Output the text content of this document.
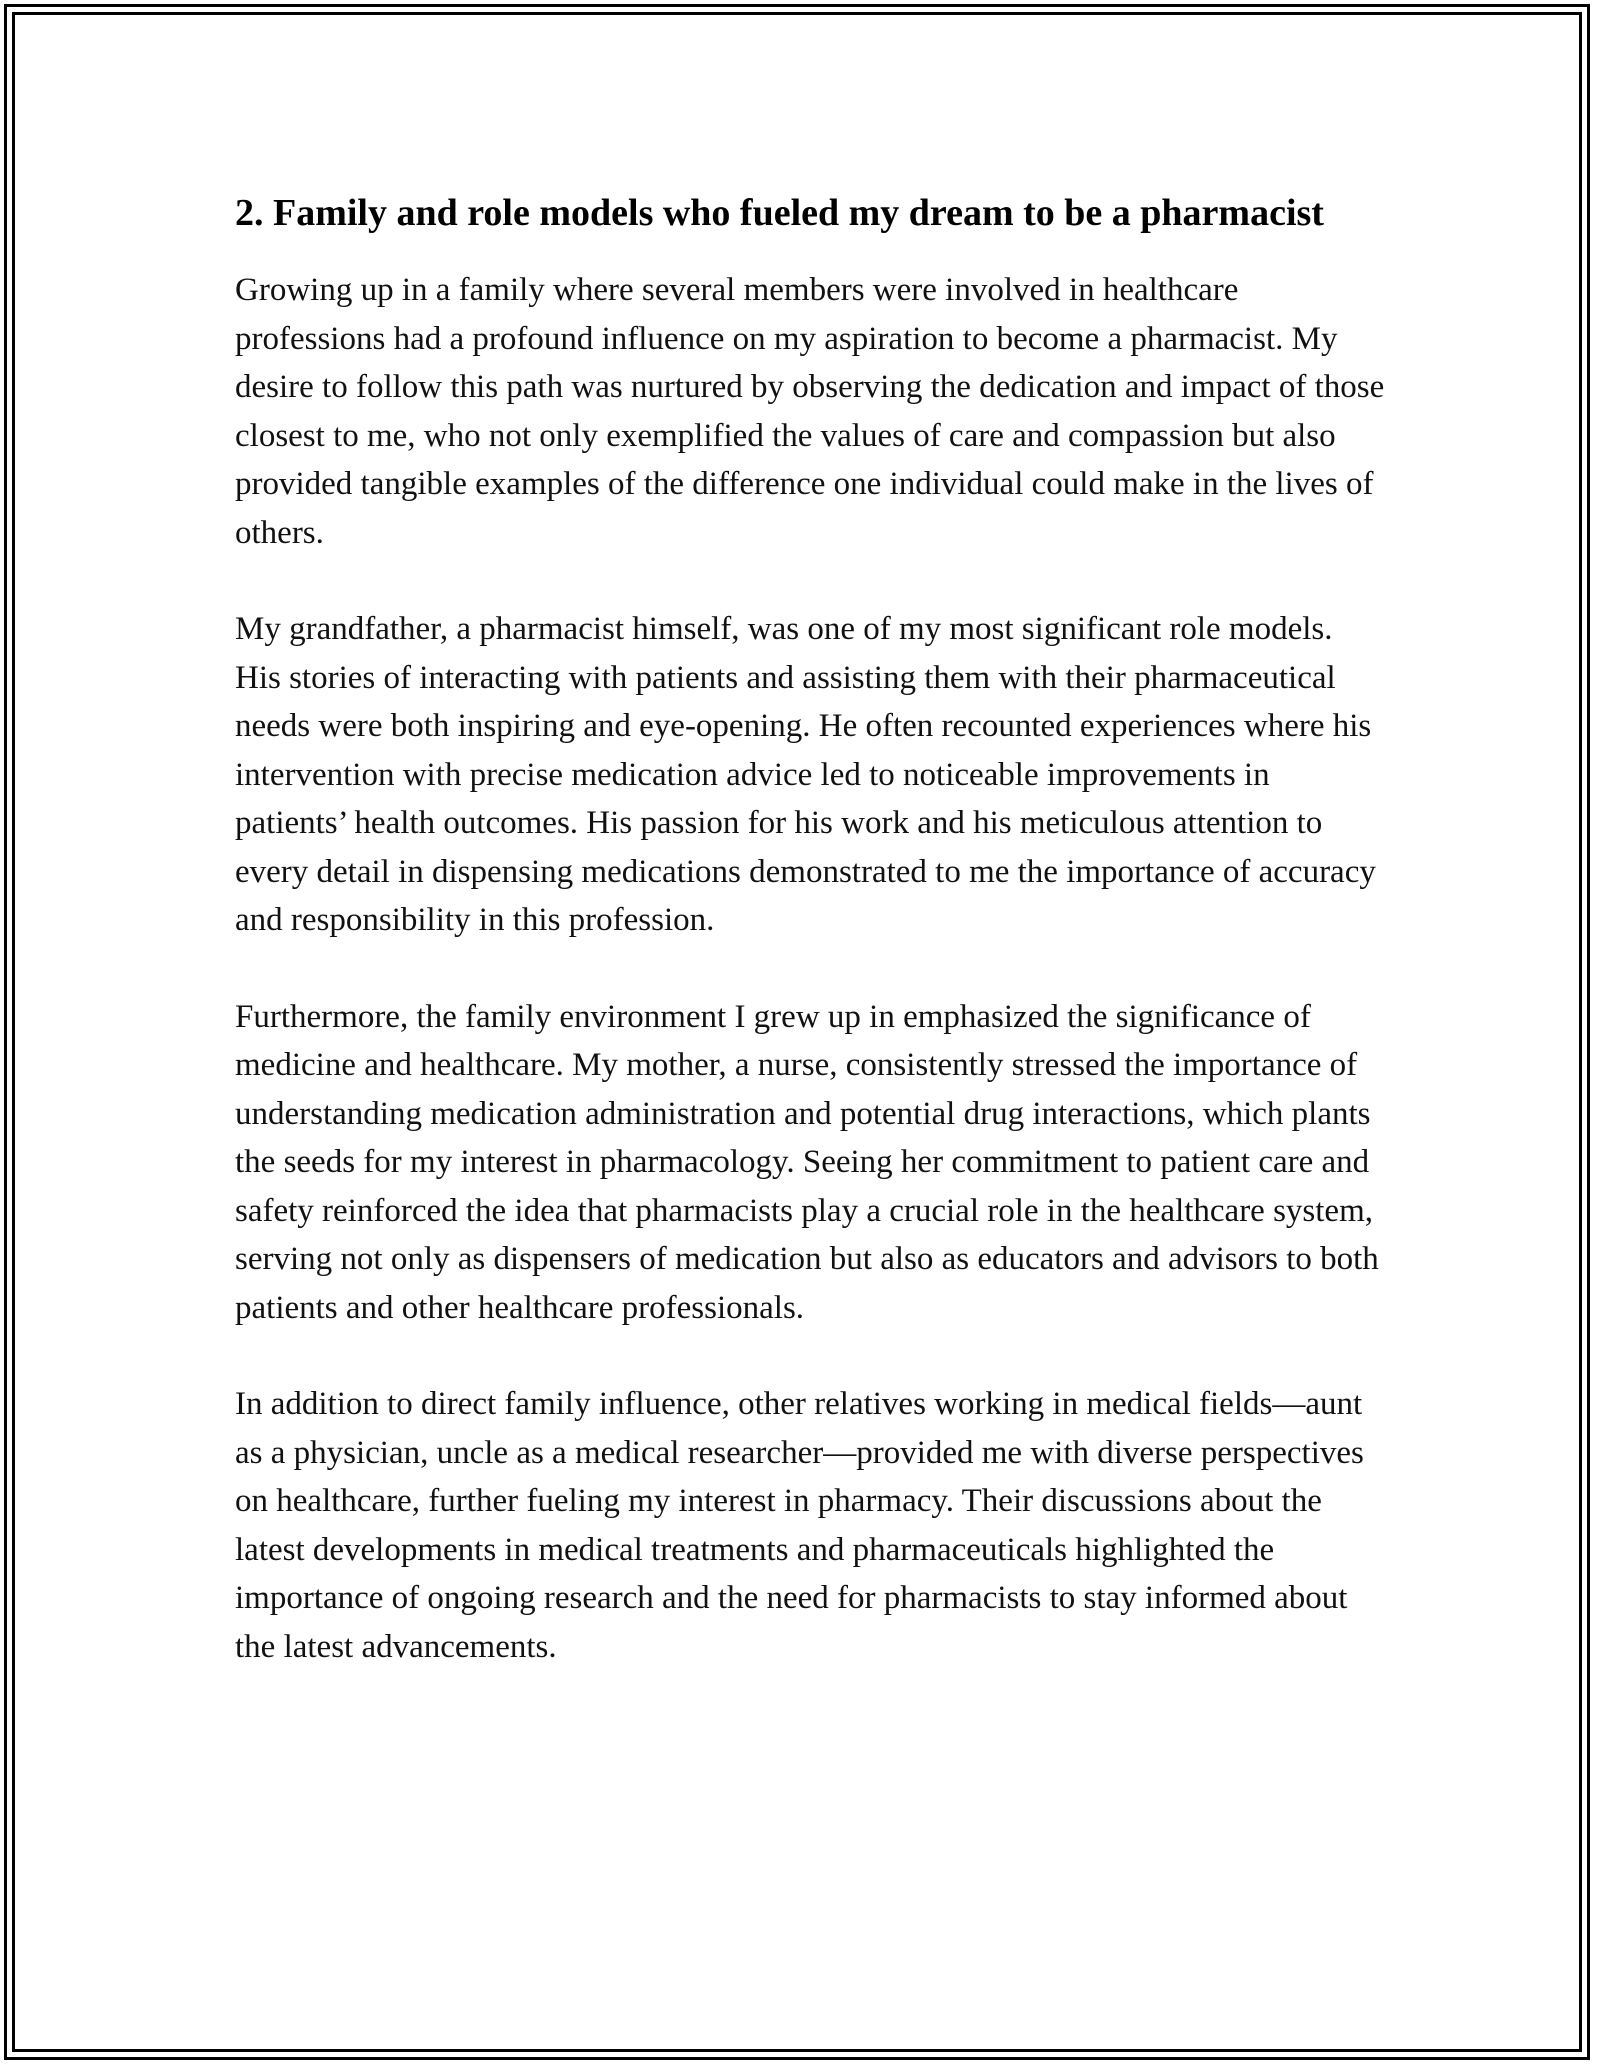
2. Family and role models who fueled my dream to be a pharmacist

Growing up in a family where several members were involved in healthcare professions had a profound influence on my aspiration to become a pharmacist. My desire to follow this path was nurtured by observing the dedication and impact of those closest to me, who not only exemplified the values of care and compassion but also provided tangible examples of the difference one individual could make in the lives of others.

My grandfather, a pharmacist himself, was one of my most significant role models. His stories of interacting with patients and assisting them with their pharmaceutical needs were both inspiring and eye-opening. He often recounted experiences where his intervention with precise medication advice led to noticeable improvements in patients’ health outcomes. His passion for his work and his meticulous attention to every detail in dispensing medications demonstrated to me the importance of accuracy and responsibility in this profession.

Furthermore, the family environment I grew up in emphasized the significance of medicine and healthcare. My mother, a nurse, consistently stressed the importance of understanding medication administration and potential drug interactions, which plants the seeds for my interest in pharmacology. Seeing her commitment to patient care and safety reinforced the idea that pharmacists play a crucial role in the healthcare system, serving not only as dispensers of medication but also as educators and advisors to both patients and other healthcare professionals.

In addition to direct family influence, other relatives working in medical fields—aunt as a physician, uncle as a medical researcher—provided me with diverse perspectives on healthcare, further fueling my interest in pharmacy. Their discussions about the latest developments in medical treatments and pharmaceuticals highlighted the importance of ongoing research and the need for pharmacists to stay informed about the latest advancements.
